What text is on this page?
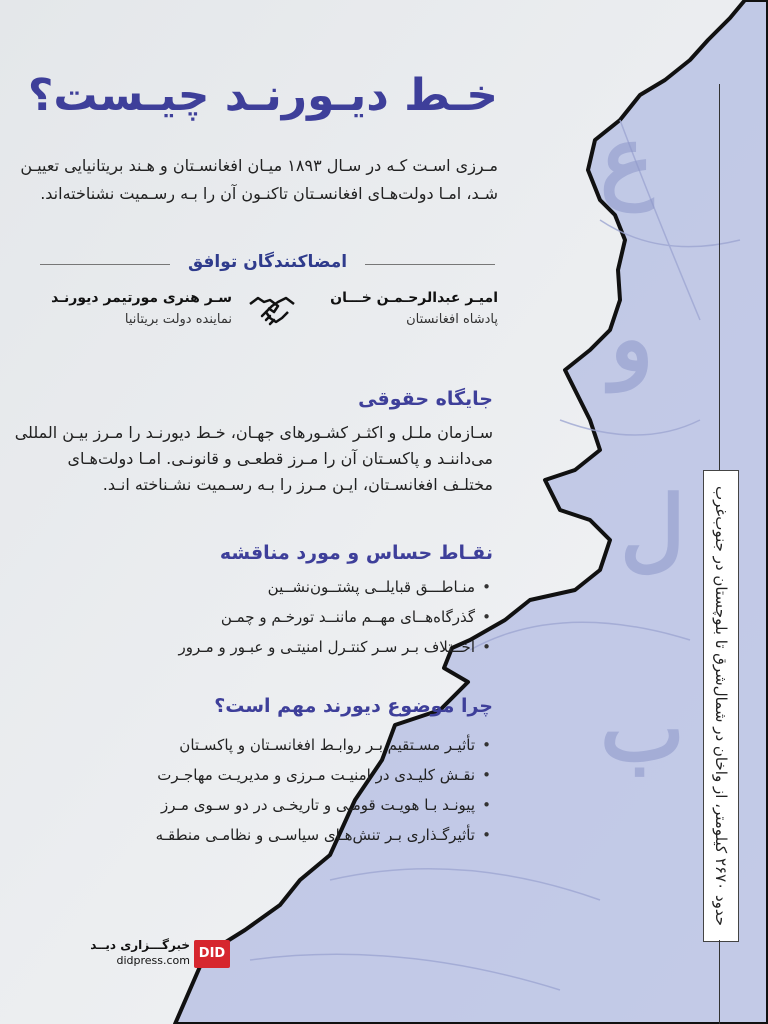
ع
و
ل
ب
خـط دیـورنـد چیـست؟

مـرزی اسـت کـه در سـال ۱۸۹۳ میـان افغانسـتان و هـند بریتانیایی تعییـن شـد، امـا دولت‌هـای افغانسـتان تاکنـون آن را بـه رسـمیت نشناخته‌اند.

امضاکنندگان توافق
امیـر عبدالرحـمـن خـــان
پادشاه افغانستان
سـر هنری مورتیمر دیورنـد
نماینده دولت بریتانیا
جایگاه حقوقی

سـازمان ملـل و اکثـر کشـورهای جهـان، خـط دیورنـد را مـرز بیـن المللی می‌داننـد و پاکسـتان آن را مـرز قطعـی و قانونـی. امـا دولت‌هـای مختلـف افغانسـتان، ایـن مـرز را بـه رسـمیت نشـناخته انـد.

نقـاط حساس و مورد مناقشه
• منـاطـــق قبایلــی پشتــون‌نشــین
• گذرگاه‌هــای مهــم ماننــد تورخـم و چمـن
• اخــتلاف بـر سـر کنتـرل امنیتـی و عبـور و مـرور
چرا موضوع دیورند مهم است؟
• تأثیـر مسـتقیم بـر روابـط افغانسـتان و پاکسـتان
• نقـش کلیـدی در امنیـت مـرزی و مدیریـت مهاجـرت
• پیونـد بـا هویـت قومـی و تاریخـی در دو سـوی مـرز
• تأثیرگـذاری بـر تنش‌هـای سیاسـی و نظامـی منطقـه	حدود ۲۶۷۰ کیلومتر، از واخان در شمال‌شرق تا بلوچستان در جنوب‌غرب
خبرگـــزاری دیــد
didpress.com DID
